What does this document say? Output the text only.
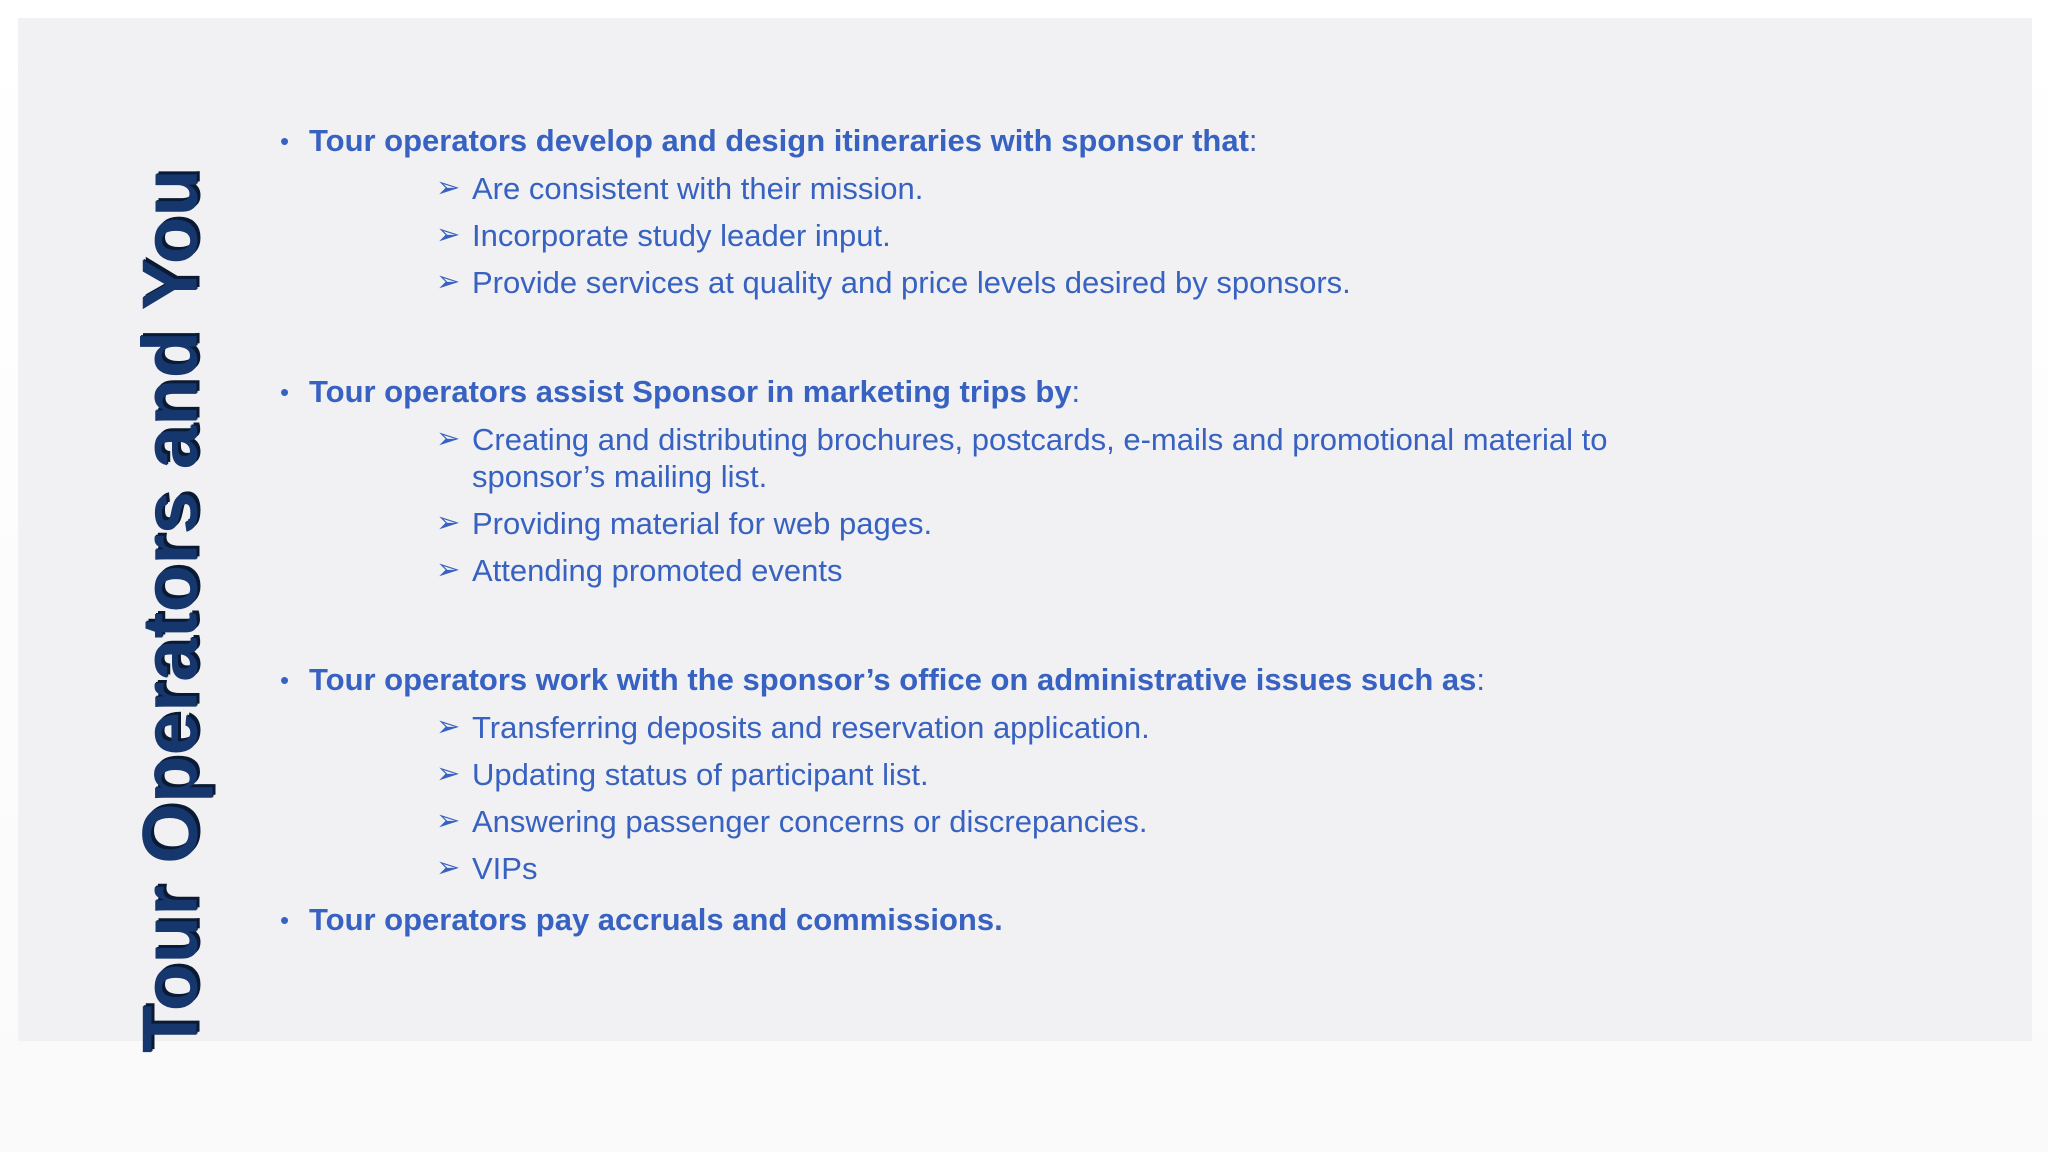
Tour Operators and You
• Tour operators develop and design itineraries with sponsor that:
➢ Are consistent with their mission.
➢ Incorporate study leader input.
➢ Provide services at quality and price levels desired by sponsors.
• Tour operators assist Sponsor in marketing trips by:
➢ Creating and distributing brochures, postcards, e-mails and promotional material to sponsor’s mailing list.
➢ Providing material for web pages.
➢ Attending promoted events
• Tour operators work with the sponsor’s office on administrative issues such as:
➢ Transferring deposits and reservation application.
➢ Updating status of participant list.
➢ Answering passenger concerns or discrepancies.
➢ VIPs
• Tour operators pay accruals and commissions.
